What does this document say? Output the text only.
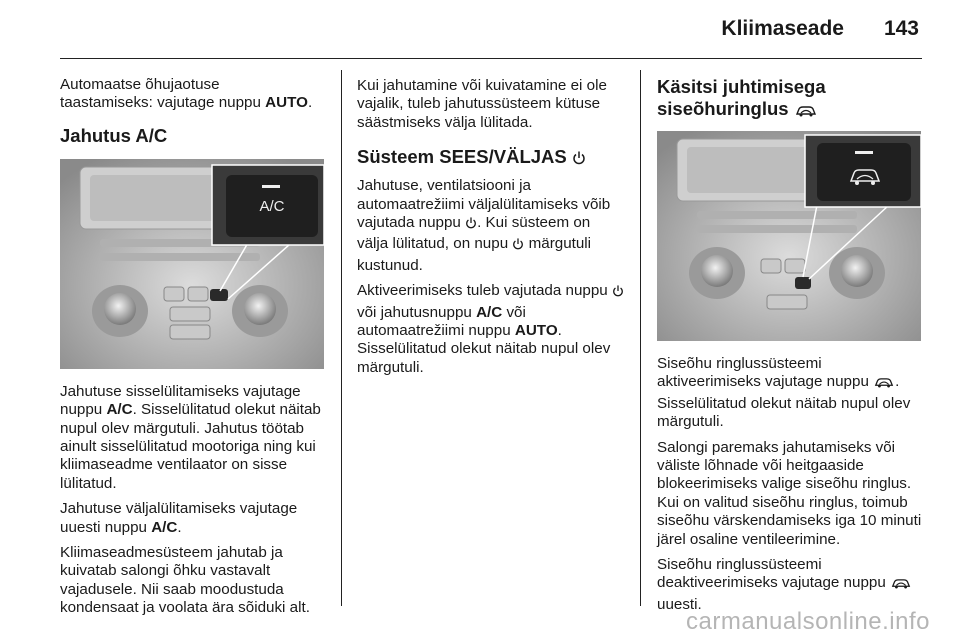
Kliimaseade 143

Automaatse õhujaotuse
taastamiseks: vajutage nuppu AUTO.

Jahutus A/C
A/C

Jahutuse sisselülitamiseks vajutage nuppu A/C. Sisselülitatud olekut näitab nupul olev märgutuli. Jahutus töötab ainult sisselülitatud mootoriga ning kui kliimaseadme ventilaator on sisse lülitatud.

Jahutuse väljalülitamiseks vajutage uuesti nuppu A/C.

Kliimaseadmesüsteem jahutab ja kuivatab salongi õhku vastavalt vajadusele. Nii saab moodustuda kondensaat ja voolata ära sõiduki alt.

Kui jahutamine või kuivatamine ei ole vajalik, tuleb jahutussüsteem kütuse säästmiseks välja lülitada.

Süsteem SEES/VÄLJAS

Jahutuse, ventilatsiooni ja automaatrežiimi väljalülitamiseks võib vajutada nuppu . Kui süsteem on välja lülitatud, on nupu  märgutuli kustunud.

Aktiveerimiseks tuleb vajutada nuppu  või jahutusnuppu A/C või automaatrežiimi nuppu AUTO.
Sisselülitatud olekut näitab nupul olev märgutuli.

Käsitsi juhtimisega
siseõhuringlus

Siseõhu ringlussüsteemi aktiveerimiseks vajutage nuppu . Sisselülitatud olekut näitab nupul olev märgutuli.

Salongi paremaks jahutamiseks või väliste lõhnade või heitgaaside blokeerimiseks valige siseõhu ringlus. Kui on valitud siseõhu ringlus, toimub siseõhu värskendamiseks iga 10 minuti järel osaline ventileerimine.

Siseõhu ringlussüsteemi deaktiveerimiseks vajutage nuppu  uuesti.

carmanualsonline.info
